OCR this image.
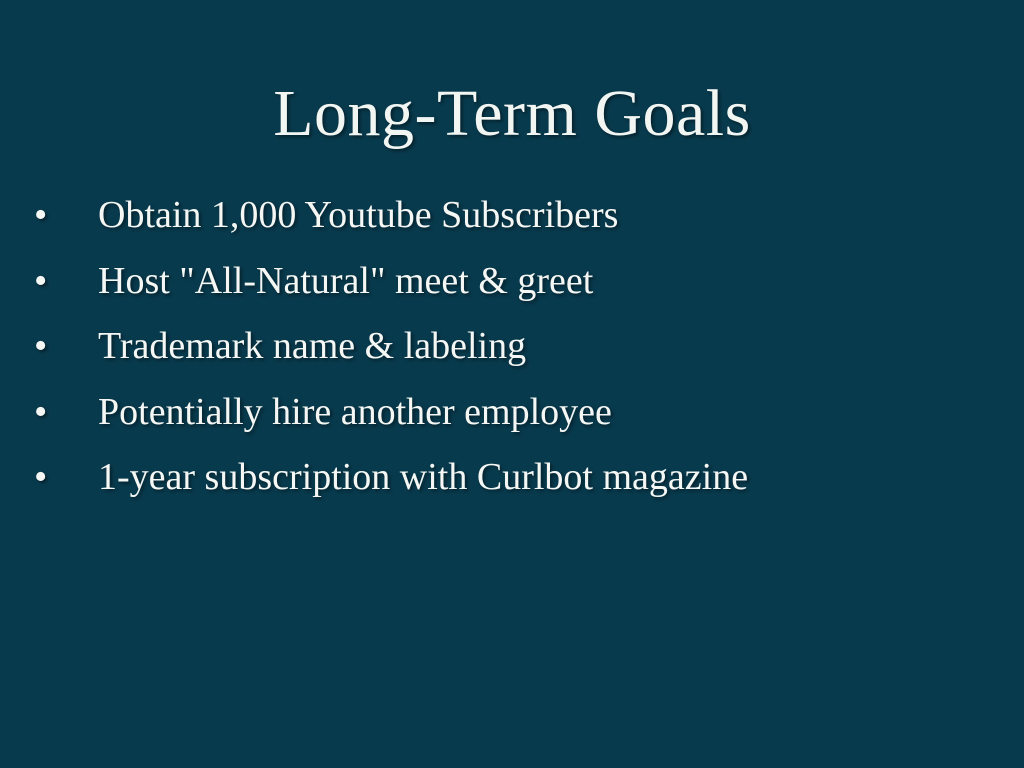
Long-Term Goals
•	Obtain 1,000 Youtube Subscribers
•	Host "All-Natural" meet & greet
•	Trademark name & labeling
•	Potentially hire another employee
•	1-year subscription with Curlbot magazine
